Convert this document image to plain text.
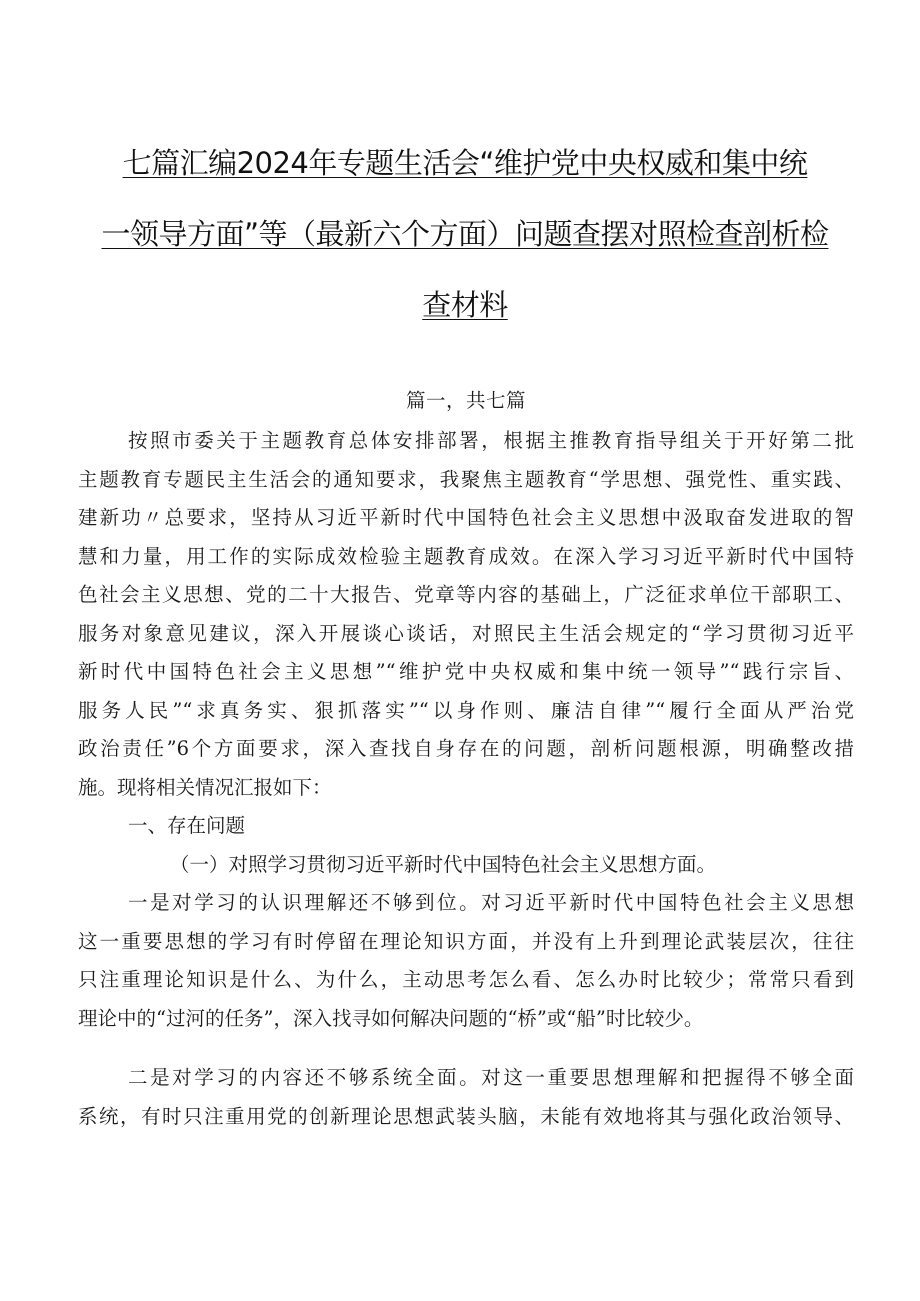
七篇汇编2024年专题生活会“维护党中央权威和集中统
一领导方面”等（最新六个方面）问题查摆对照检查剖析检
查材料
篇一，共七篇
按照市委关于主题教育总体安排部署，根据主推教育指导组关于开好第二批
主题教育专题民主生活会的通知要求，我聚焦主题教育“学思想、强党性、重实践、
建新功〃总要求，坚持从习近平新时代中国特色社会主义思想中汲取奋发进取的智
慧和力量，用工作的实际成效检验主题教育成效。在深入学习习近平新时代中国特
色社会主义思想、党的二十大报告、党章等内容的基础上，广泛征求单位干部职工、
服务对象意见建议，深入开展谈心谈话，对照民主生活会规定的“学习贯彻习近平
新时代中国特色社会主义思想”“维护党中央权威和集中统一领导”“践行宗旨、
服务人民”“求真务实、狠抓落实”“以身作则、廉洁自律”“履行全面从严治党
政治责任”6个方面要求，深入查找自身存在的问题，剖析问题根源，明确整改措
施。现将相关情况汇报如下：
一、存在问题
（一）对照学习贯彻习近平新时代中国特色社会主义思想方面。
一是对学习的认识理解还不够到位。对习近平新时代中国特色社会主义思想
这一重要思想的学习有时停留在理论知识方面，并没有上升到理论武装层次，往往
只注重理论知识是什么、为什么，主动思考怎么看、怎么办时比较少；常常只看到
理论中的“过河的任务”，深入找寻如何解决问题的“桥”或“船”时比较少。
二是对学习的内容还不够系统全面。对这一重要思想理解和把握得不够全面
系统，有时只注重用党的创新理论思想武装头脑，未能有效地将其与强化政治领导、
